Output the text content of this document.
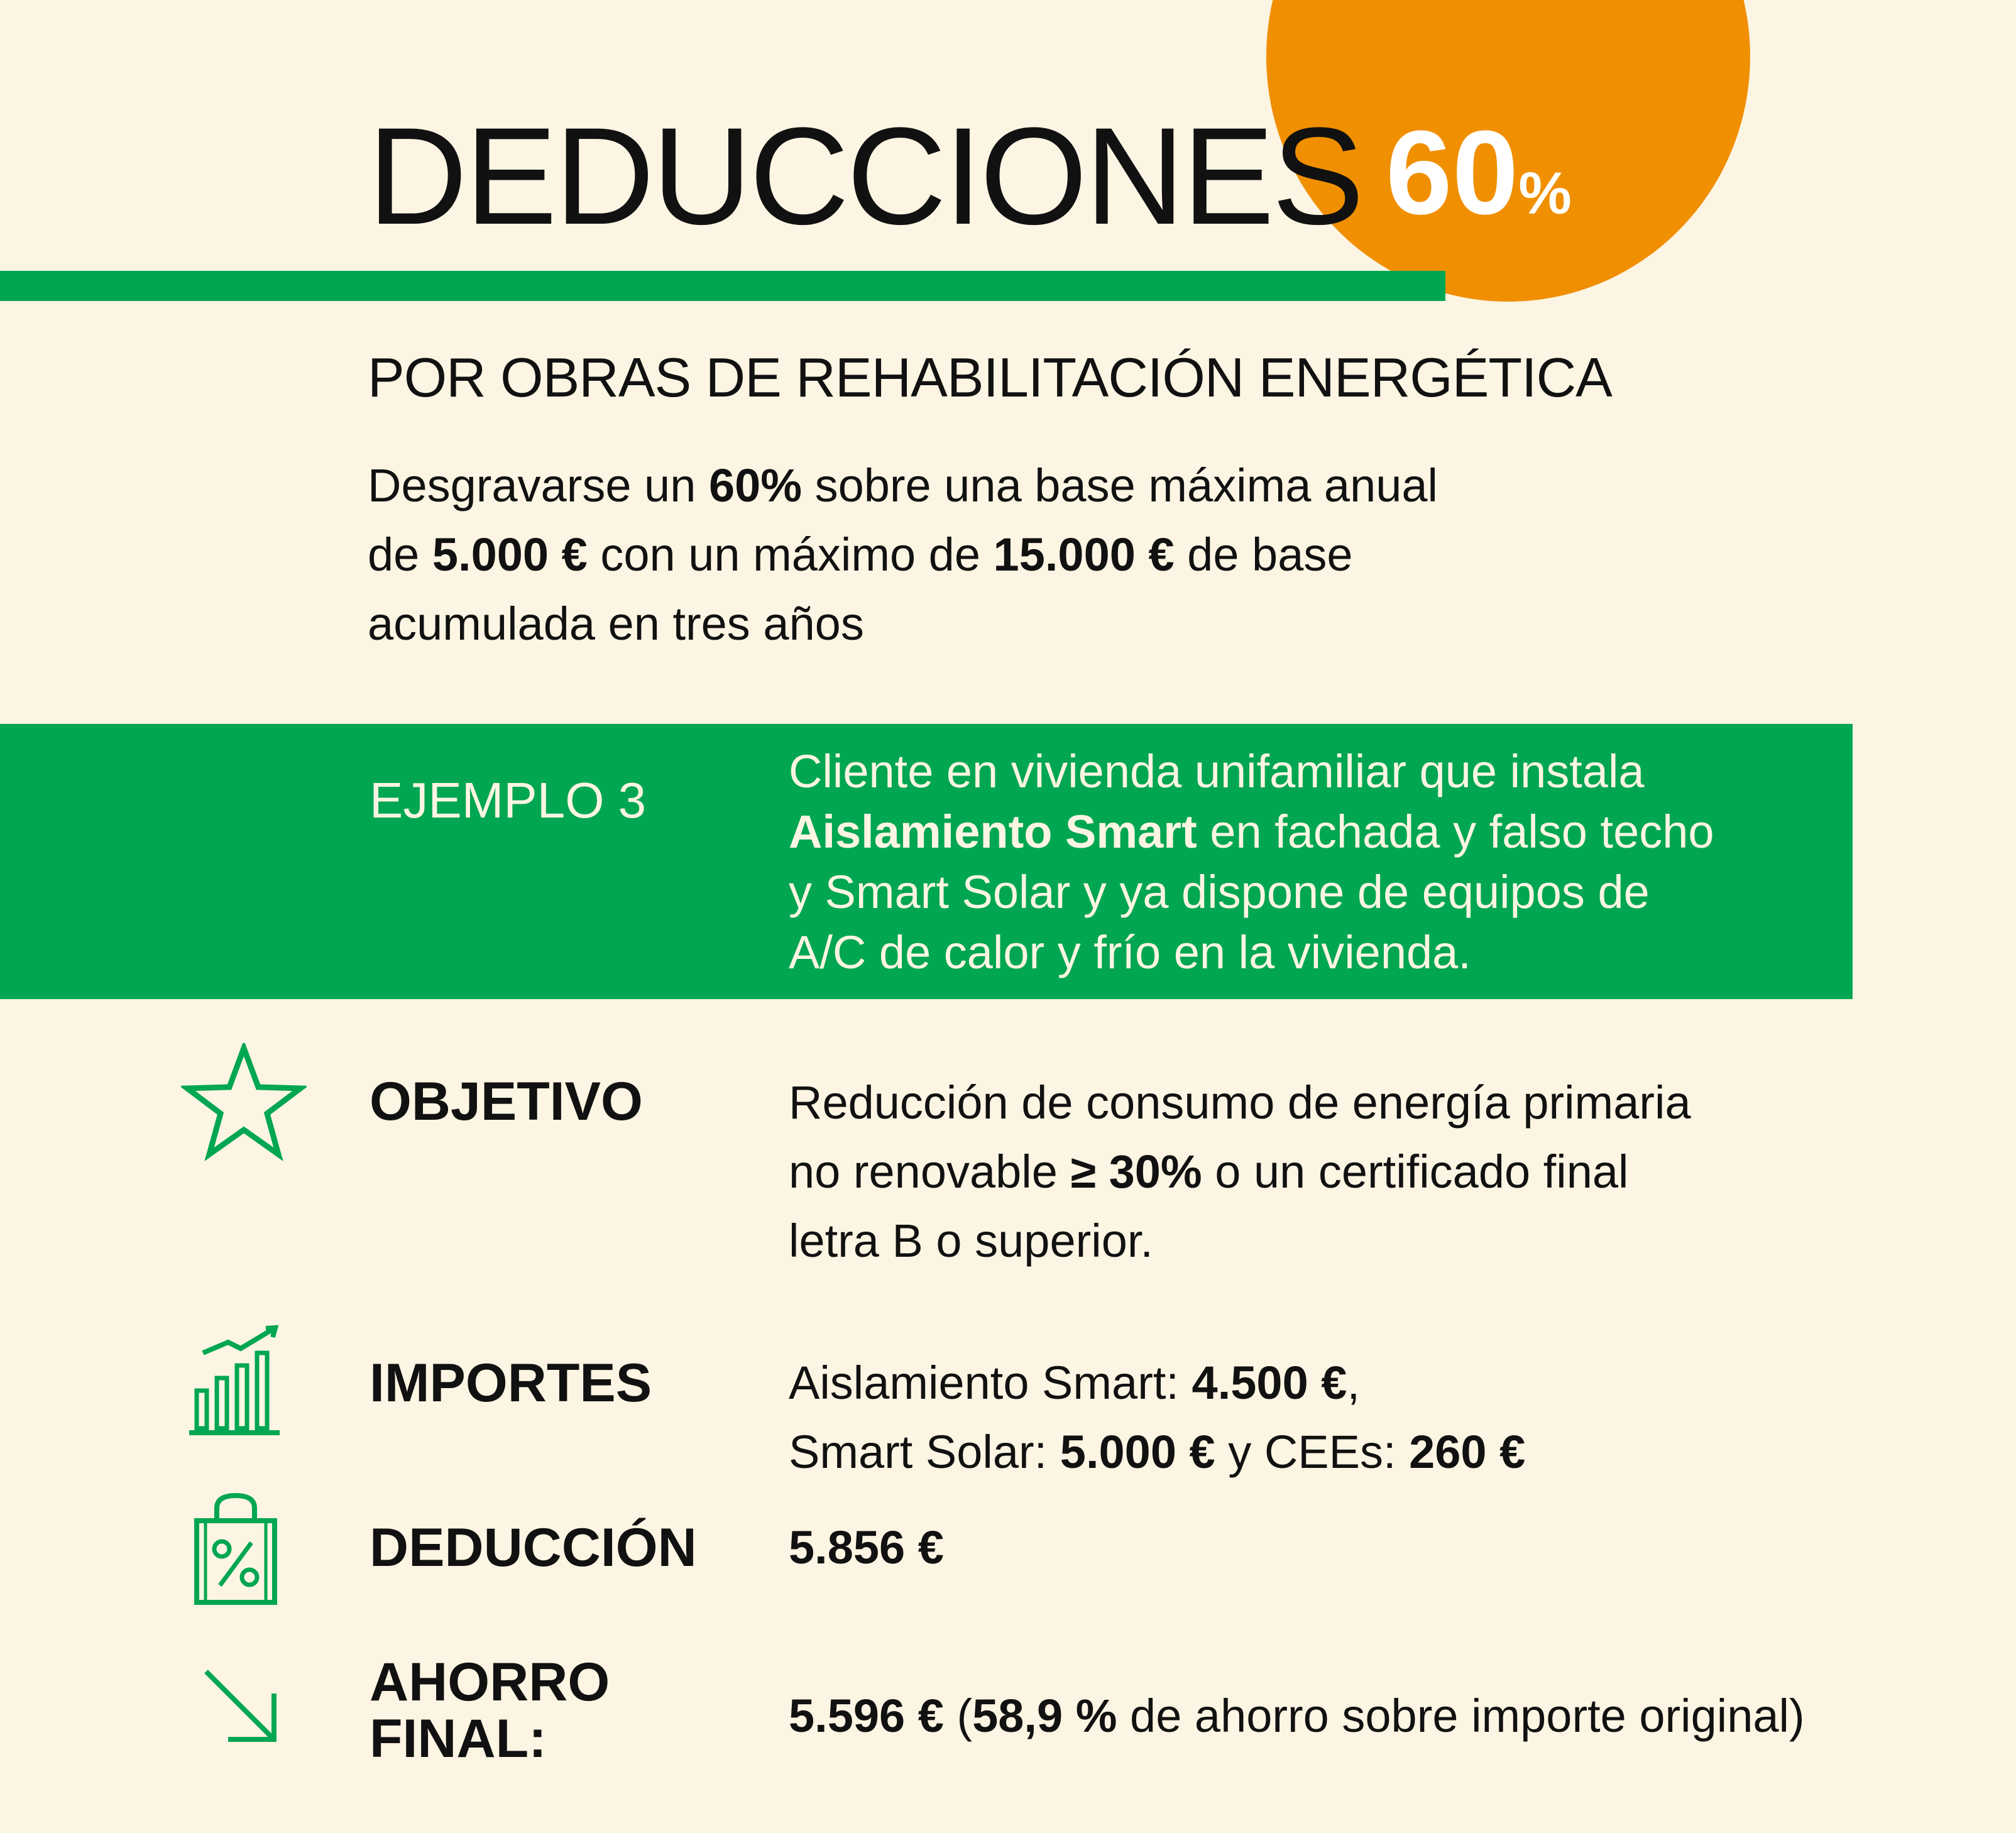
DEDUCCIONES 60%
POR OBRAS DE REHABILITACIÓN ENERGÉTICA
Desgravarse un 60% sobre una base máxima anual
de 5.000 € con un máximo de 15.000 € de base
acumulada en tres años
EJEMPLO 3
Cliente en vivienda unifamiliar que instala
Aislamiento Smart en fachada y falso techo
y Smart Solar y ya dispone de equipos de
A/C de calor y frío en la vivienda.
OBJETIVO	Reducción de consumo de energía primaria
no renovable ≥ 30% o un certificado final
letra B o superior.
IMPORTES	Aislamiento Smart: 4.500 €,
Smart Solar: 5.000 € y CEEs: 260 €
DEDUCCIÓN 5.856 €
AHORRO
FINAL:	5.596 € (58,9 % de ahorro sobre importe original)
